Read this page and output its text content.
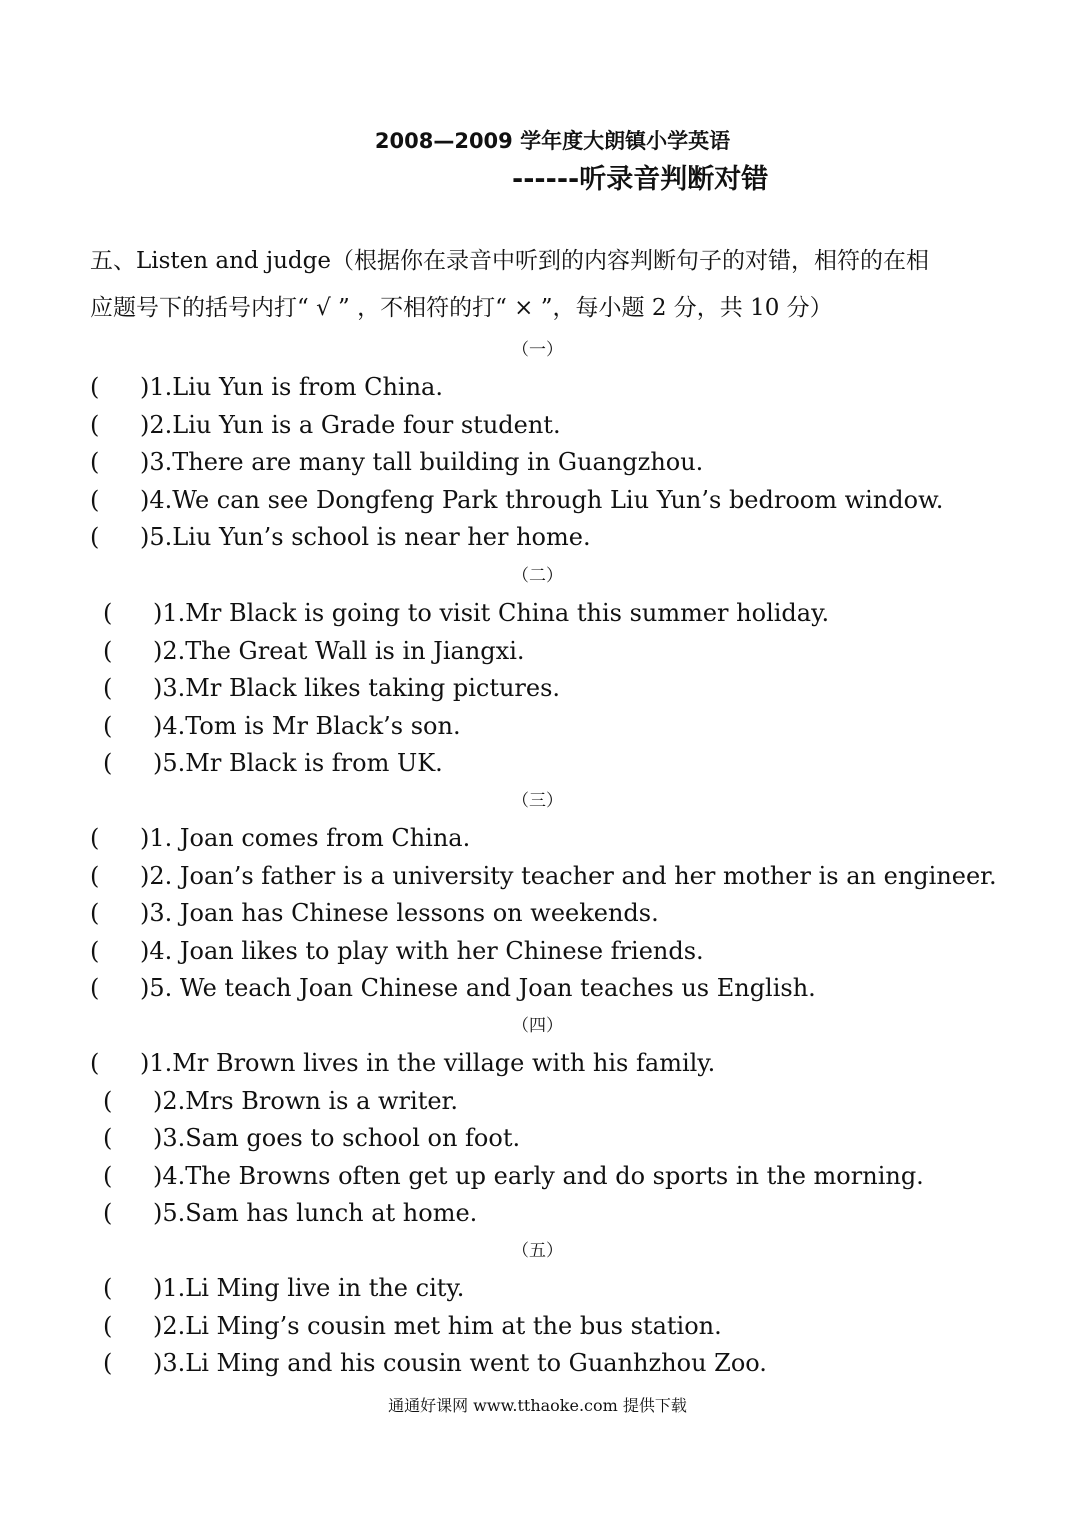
2008—2009 学年度大朗镇小学英语
------听录音判断对错
五、Listen and judge（根据你在录音中听到的内容判断句子的对错，相符的在相
应题号下的括号内打“ √ ” ，不相符的打“ × ”，每小题 2 分，共 10 分）
（一）
( )1.Liu Yun is from China.
( )2.Liu Yun is a Grade four student.
( )3.There are many tall building in Guangzhou.
( )4.We can see Dongfeng Park through Liu Yun’s bedroom window.
( )5.Liu Yun’s school is near her home.
（二）
( )1.Mr Black is going to visit China this summer holiday.
( )2.The Great Wall is in Jiangxi.
( )3.Mr Black likes taking pictures.
( )4.Tom is Mr Black’s son.
( )5.Mr Black is from UK.
（三）
( )1. Joan comes from China.
( )2. Joan’s father is a university teacher and her mother is an engineer.
( )3. Joan has Chinese lessons on weekends.
( )4. Joan likes to play with her Chinese friends.
( )5. We teach Joan Chinese and Joan teaches us English.
（四）
( )1.Mr Brown lives in the village with his family.
( )2.Mrs Brown is a writer.
( )3.Sam goes to school on foot.
( )4.The Browns often get up early and do sports in the morning.
( )5.Sam has lunch at home.
（五）
( )1.Li Ming live in the city.
( )2.Li Ming’s cousin met him at the bus station.
( )3.Li Ming and his cousin went to Guanhzhou Zoo.
通通好课网 www.tthaoke.com 提供下载
